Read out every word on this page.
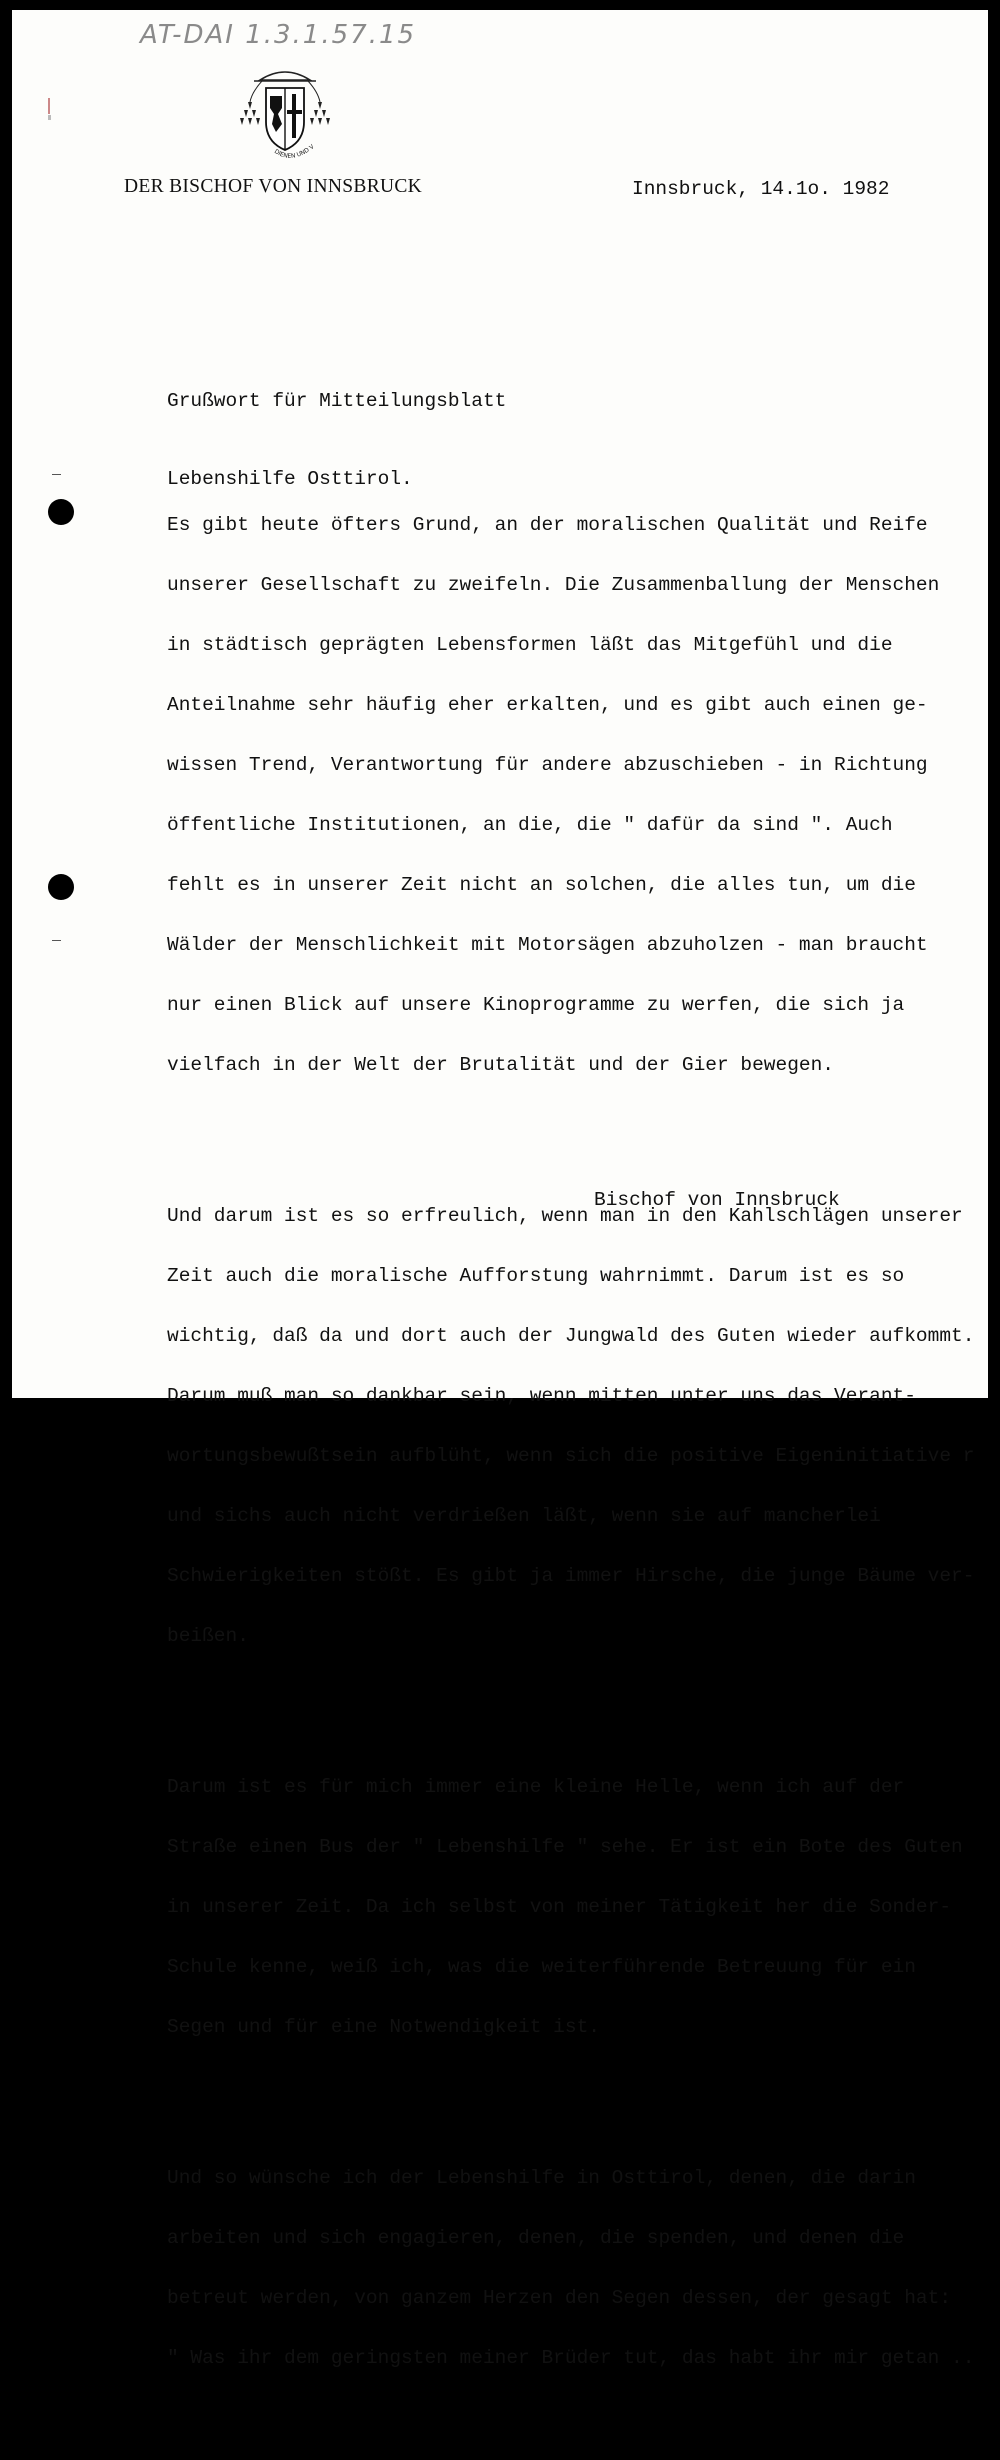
AT-DAI 1.3.1.57.15
DIENEN UND V
DER BISCHOF VON INNSBRUCK	Innsbruck, 14.1o. 1982

Grußwort für Mitteilungsblatt

Lebenshilfe Osttirol.

Es gibt heute öfters Grund, an der moralischen Qualität und Reife

unserer Gesellschaft zu zweifeln. Die Zusammenballung der Menschen

in städtisch geprägten Lebensformen läßt das Mitgefühl und die

Anteilnahme sehr häufig eher erkalten, und es gibt auch einen ge-

wissen Trend, Verantwortung für andere abzuschieben - in Richtung

öffentliche Institutionen, an die, die " dafür da sind ". Auch

fehlt es in unserer Zeit nicht an solchen, die alles tun, um die

Wälder der Menschlichkeit mit Motorsägen abzuholzen - man braucht

nur einen Blick auf unsere Kinoprogramme zu werfen, die sich ja

vielfach in der Welt der Brutalität und der Gier bewegen.

Und darum ist es so erfreulich, wenn man in den Kahlschlägen unserer

Zeit auch die moralische Aufforstung wahrnimmt. Darum ist es so

wichtig, daß da und dort auch der Jungwald des Guten wieder aufkommt.

Darum muß man so dankbar sein, wenn mitten unter uns das Verant-

wortungsbewußtsein aufblüht, wenn sich die positive Eigeninitiative r

und sichs auch nicht verdrießen läßt, wenn sie auf mancherlei

Schwierigkeiten stößt. Es gibt ja immer Hirsche, die junge Bäume ver-

beißen.

Darum ist es für mich immer eine kleine Helle, wenn ich auf der

Straße einen Bus der " Lebenshilfe " sehe. Er ist ein Bote des Guten

in unserer Zeit. Da ich selbst von meiner Tätigkeit her die Sonder-

Schule kenne, weiß ich, was die weiterführende Betreuung für ein

Segen und für eine Notwendigkeit ist.

Und so wünsche ich der Lebenshilfe in Osttirol, denen, die darin

arbeiten und sich engagieren, denen, die spenden, und denen die

betreut werden, von ganzem Herzen den Segen dessen, der gesagt hat:

" Was ihr dem geringsten meiner Brüder tut, das habt ihr mir getan ..

Bischof von Innsbruck
